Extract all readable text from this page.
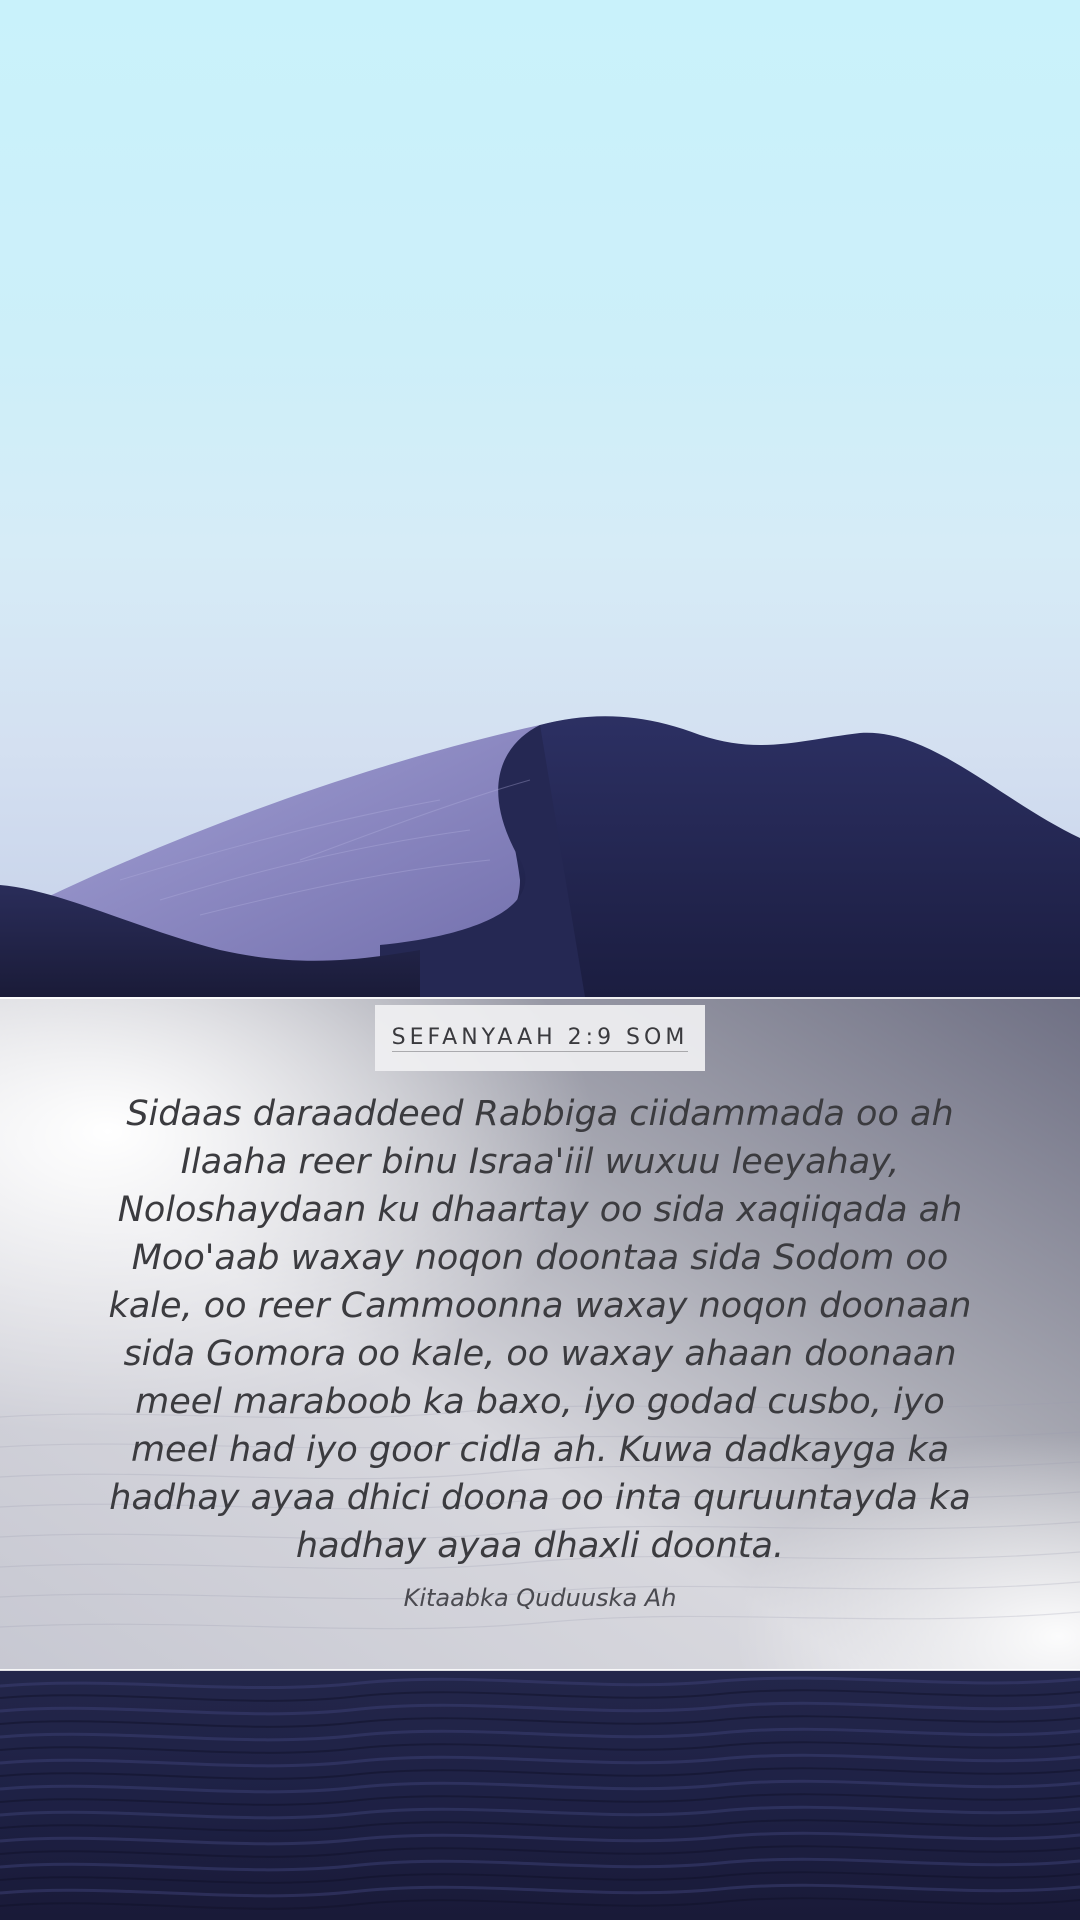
SEFANYAAH 2:9 SOM
Sidaas daraaddeed Rabbiga ciidammada oo ah Ilaaha reer binu Israa'iil wuxuu leeyahay, Noloshaydaan ku dhaartay oo sida xaqiiqada ah Moo'aab waxay noqon doontaa sida Sodom oo kale, oo reer Cammoonna waxay noqon doonaan sida Gomora oo kale, oo waxay ahaan doonaan meel maraboob ka baxo, iyo godad cusbo, iyo meel had iyo goor cidla ah. Kuwa dadkayga ka hadhay ayaa dhici doona oo inta quruuntayda ka hadhay ayaa dhaxli doonta.
Kitaabka Quduuska Ah
